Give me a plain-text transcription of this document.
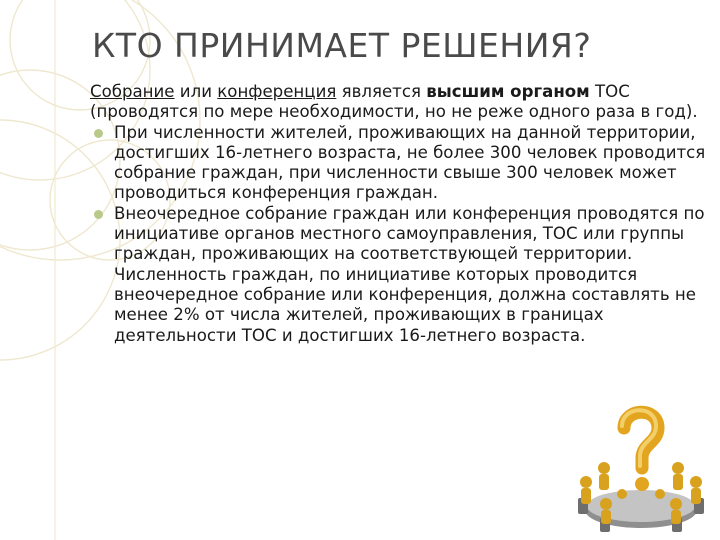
КТО ПРИНИМАЕТ РЕШЕНИЯ?

Собрание или конференция является высшим органом ТОС (проводятся по мере необходимости, но не реже одного раза в год).

При численности жителей, проживающих на данной территории, достигших 16-летнего возраста, не более 300 человек проводится собрание граждан, при численности свыше 300 человек может проводиться конференция граждан.

Внеочередное собрание граждан или конференция проводятся по инициативе органов местного самоуправления, ТОС или группы граждан, проживающих на соответствующей территории. Численность граждан, по инициативе которых проводится внеочередное собрание или конференция, должна составлять не менее 2% от числа жителей, проживающих в границах деятельности ТОС и достигших 16-летнего возраста.
